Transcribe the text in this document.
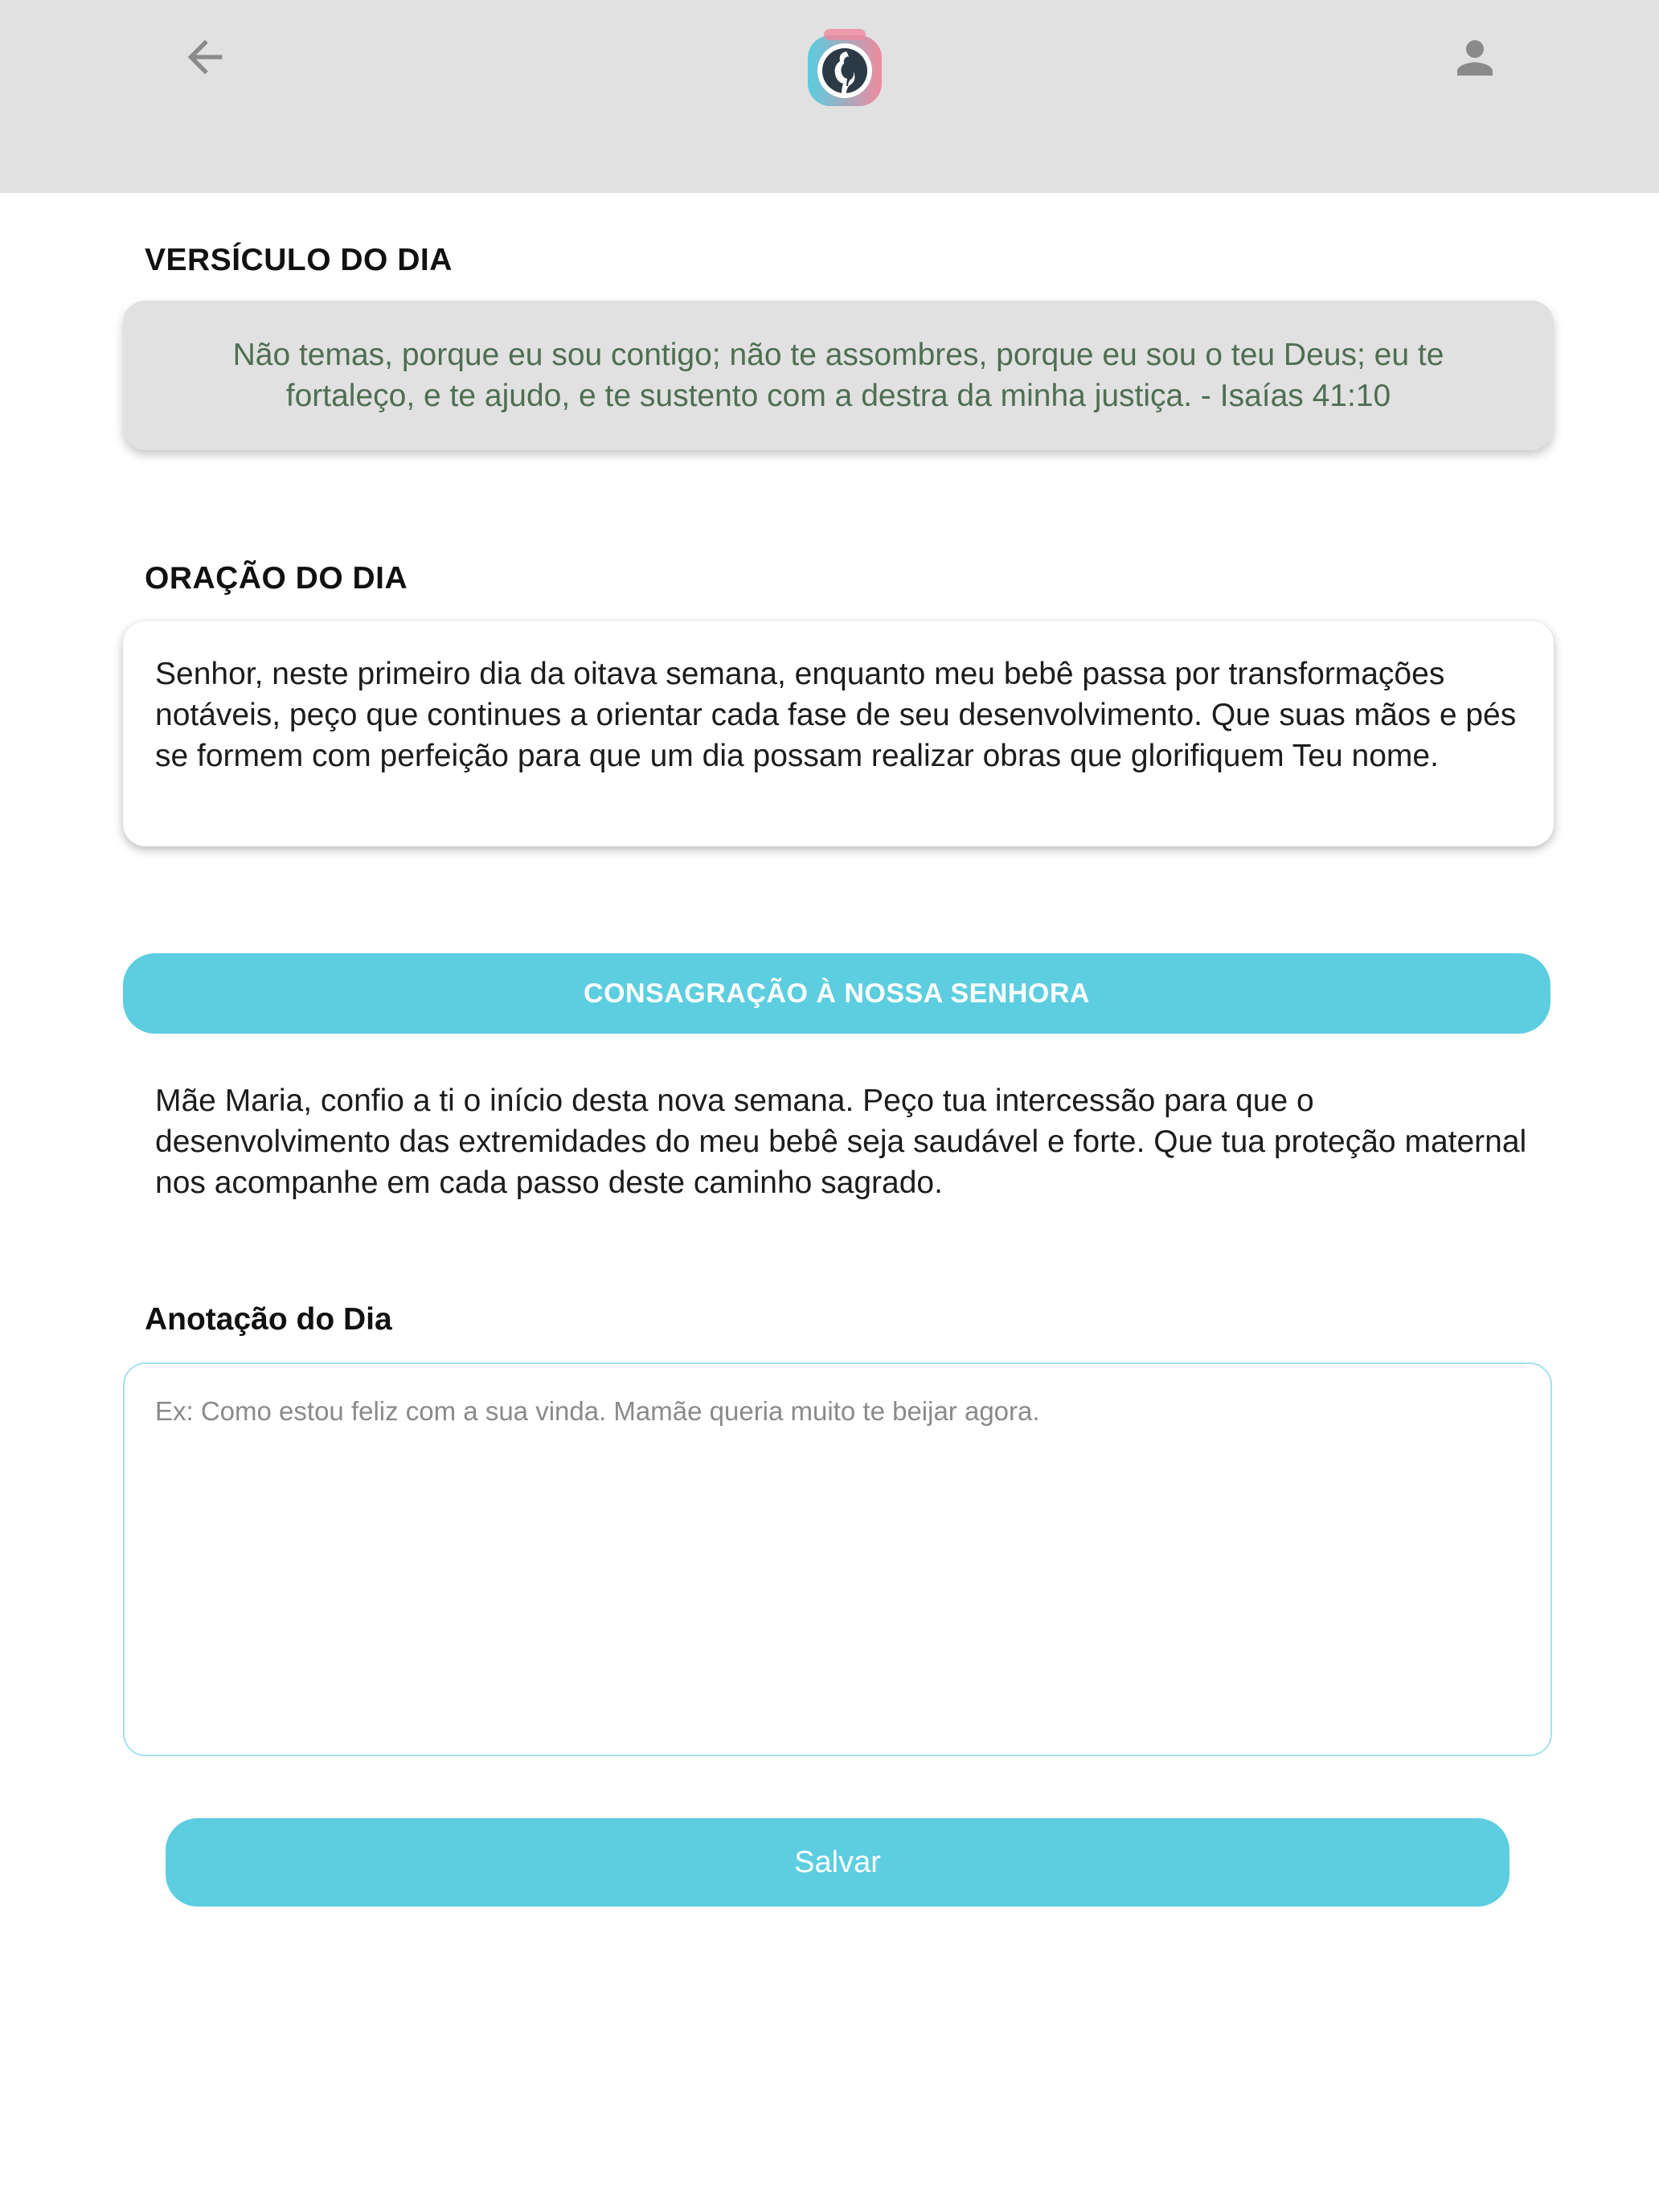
VERSÍCULO DO DIA
Não temas, porque eu sou contigo; não te assombres, porque eu sou o teu Deus; eu te fortaleço, e te ajudo, e te sustento com a destra da minha justiça. - Isaías 41:10
ORAÇÃO DO DIA
Senhor, neste primeiro dia da oitava semana, enquanto meu bebê passa por transformações notáveis, peço que continues a orientar cada fase de seu desenvolvimento. Que suas mãos e pés se formem com perfeição para que um dia possam realizar obras que glorifiquem Teu nome.
CONSAGRAÇÃO À NOSSA SENHORA
Mãe Maria, confio a ti o início desta nova semana. Peço tua intercessão para que o desenvolvimento das extremidades do meu bebê seja saudável e forte. Que tua proteção maternal nos acompanhe em cada passo deste caminho sagrado.
Anotação do Dia
Ex: Como estou feliz com a sua vinda. Mamãe queria muito te beijar agora.
Salvar
